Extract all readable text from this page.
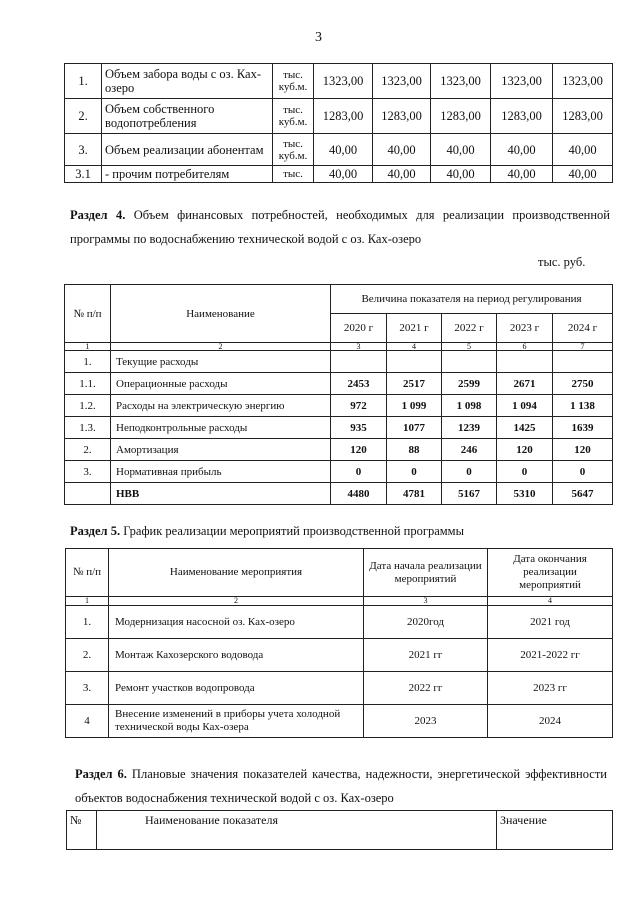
3
1.	Объем забора воды с оз. Ках-озеро	тыс. куб.м.	1323,00	1323,00	1323,00	1323,00	1323,00
2.	Объем собственного водопотребления	тыс. куб.м.	1283,00	1283,00	1283,00	1283,00	1283,00
3.	Объем реализации абонентам	тыс. куб.м.	40,00	40,00	40,00	40,00	40,00
3.1	- прочим потребителям	тыс.	40,00	40,00	40,00	40,00	40,00
Раздел 4. Объем финансовых потребностей, необходимых для реализации производственной программы по водоснабжению технической водой с оз. Ках-озеро
тыс. руб.
№ п/п	Наименование	Величина показателя на период регулирования				
		2020 г	2021 г	2022 г	2023 г	2024 г
1	2	3	4	5	6	7
1.	Текущие расходы					
1.1.	Операционные расходы	2453	2517	2599	2671	2750
1.2.	Расходы на электрическую энергию	972	1 099	1 098	1 094	1 138
1.3.	Неподконтрольные расходы	935	1077	1239	1425	1639
2.	Амортизация	120	88	246	120	120
3.	Нормативная прибыль	0	0	0	0	0
	НВВ	4480	4781	5167	5310	5647
Раздел 5. График реализации мероприятий производственной программы
№ п/п	Наименование мероприятия	Дата начала реализации мероприятий	Дата окончания реализации мероприятий
1	2	3	4
1.	Модернизация насосной оз. Ках-озеро	2020год	2021 год
2.	Монтаж Кахозерского водовода	2021 гг	2021-2022 гг
3.	Ремонт участков водопровода	2022 гг	2023 гг
4	Внесение изменений в приборы учета холодной технической воды Ках-озера	2023	2024
Раздел 6. Плановые значения показателей качества, надежности, энергетической эффективности объектов водоснабжения технической водой с оз. Ках-озеро
№	Наименование показателя	Значение
